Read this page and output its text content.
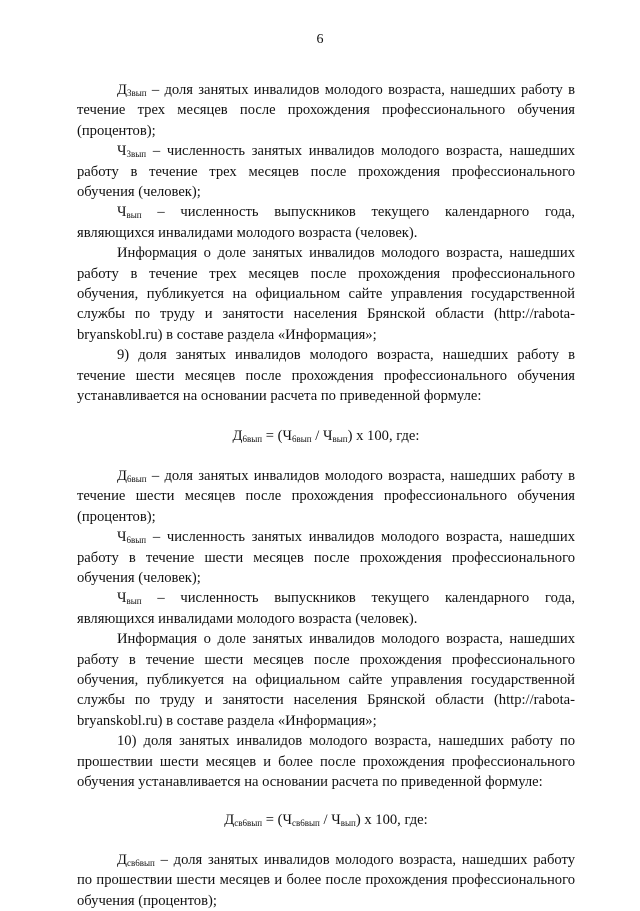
6

$Д_{3вып}$ – доля занятых инвалидов молодого возраста, нашедших работу в течение трех месяцев после прохождения профессионального обучения (процентов);

$Ч_{3вып}$ – численность занятых инвалидов молодого возраста, нашедших работу в течение трех месяцев после прохождения профессионального обучения (человек);

$Ч_{вып}$ – численность выпускников текущего календарного года, являющихся инвалидами молодого возраста (человек).

Информация о доле занятых инвалидов молодого возраста, нашедших работу в течение трех месяцев после прохождения профессионального обучения, публикуется на официальном сайте управления государственной службы по труду и занятости населения Брянской области (http://rabota-bryanskobl.ru) в составе раздела «Информация»;

9) доля занятых инвалидов молодого возраста, нашедших работу в течение шести месяцев после прохождения профессионального обучения устанавливается на основании расчета по приведенной формуле:

$Д_{6вып} = (Ч_{6вып} / Ч_{вып})$ х 100, где:

$Д_{6вып}$ – доля занятых инвалидов молодого возраста, нашедших работу в течение шести месяцев после прохождения профессионального обучения (процентов);

$Ч_{6вып}$ – численность занятых инвалидов молодого возраста, нашедших работу в течение шести месяцев после прохождения профессионального обучения (человек);

$Ч_{вып}$ – численность выпускников текущего календарного года, являющихся инвалидами молодого возраста (человек).

Информация о доле занятых инвалидов молодого возраста, нашедших работу в течение шести месяцев после прохождения профессионального обучения, публикуется на официальном сайте управления государственной службы по труду и занятости населения Брянской области (http://rabota-bryanskobl.ru) в составе раздела «Информация»;

10) доля занятых инвалидов молодого возраста, нашедших работу по прошествии шести месяцев и более после прохождения профессионального обучения устанавливается на основании расчета по приведенной формуле:

$Д_{св6вып} = (Ч_{св6вып} / Ч_{вып})$ х 100, где:

$Д_{св6вып}$ – доля занятых инвалидов молодого возраста, нашедших работу по прошествии шести месяцев и более после прохождения профессионального обучения (процентов);
